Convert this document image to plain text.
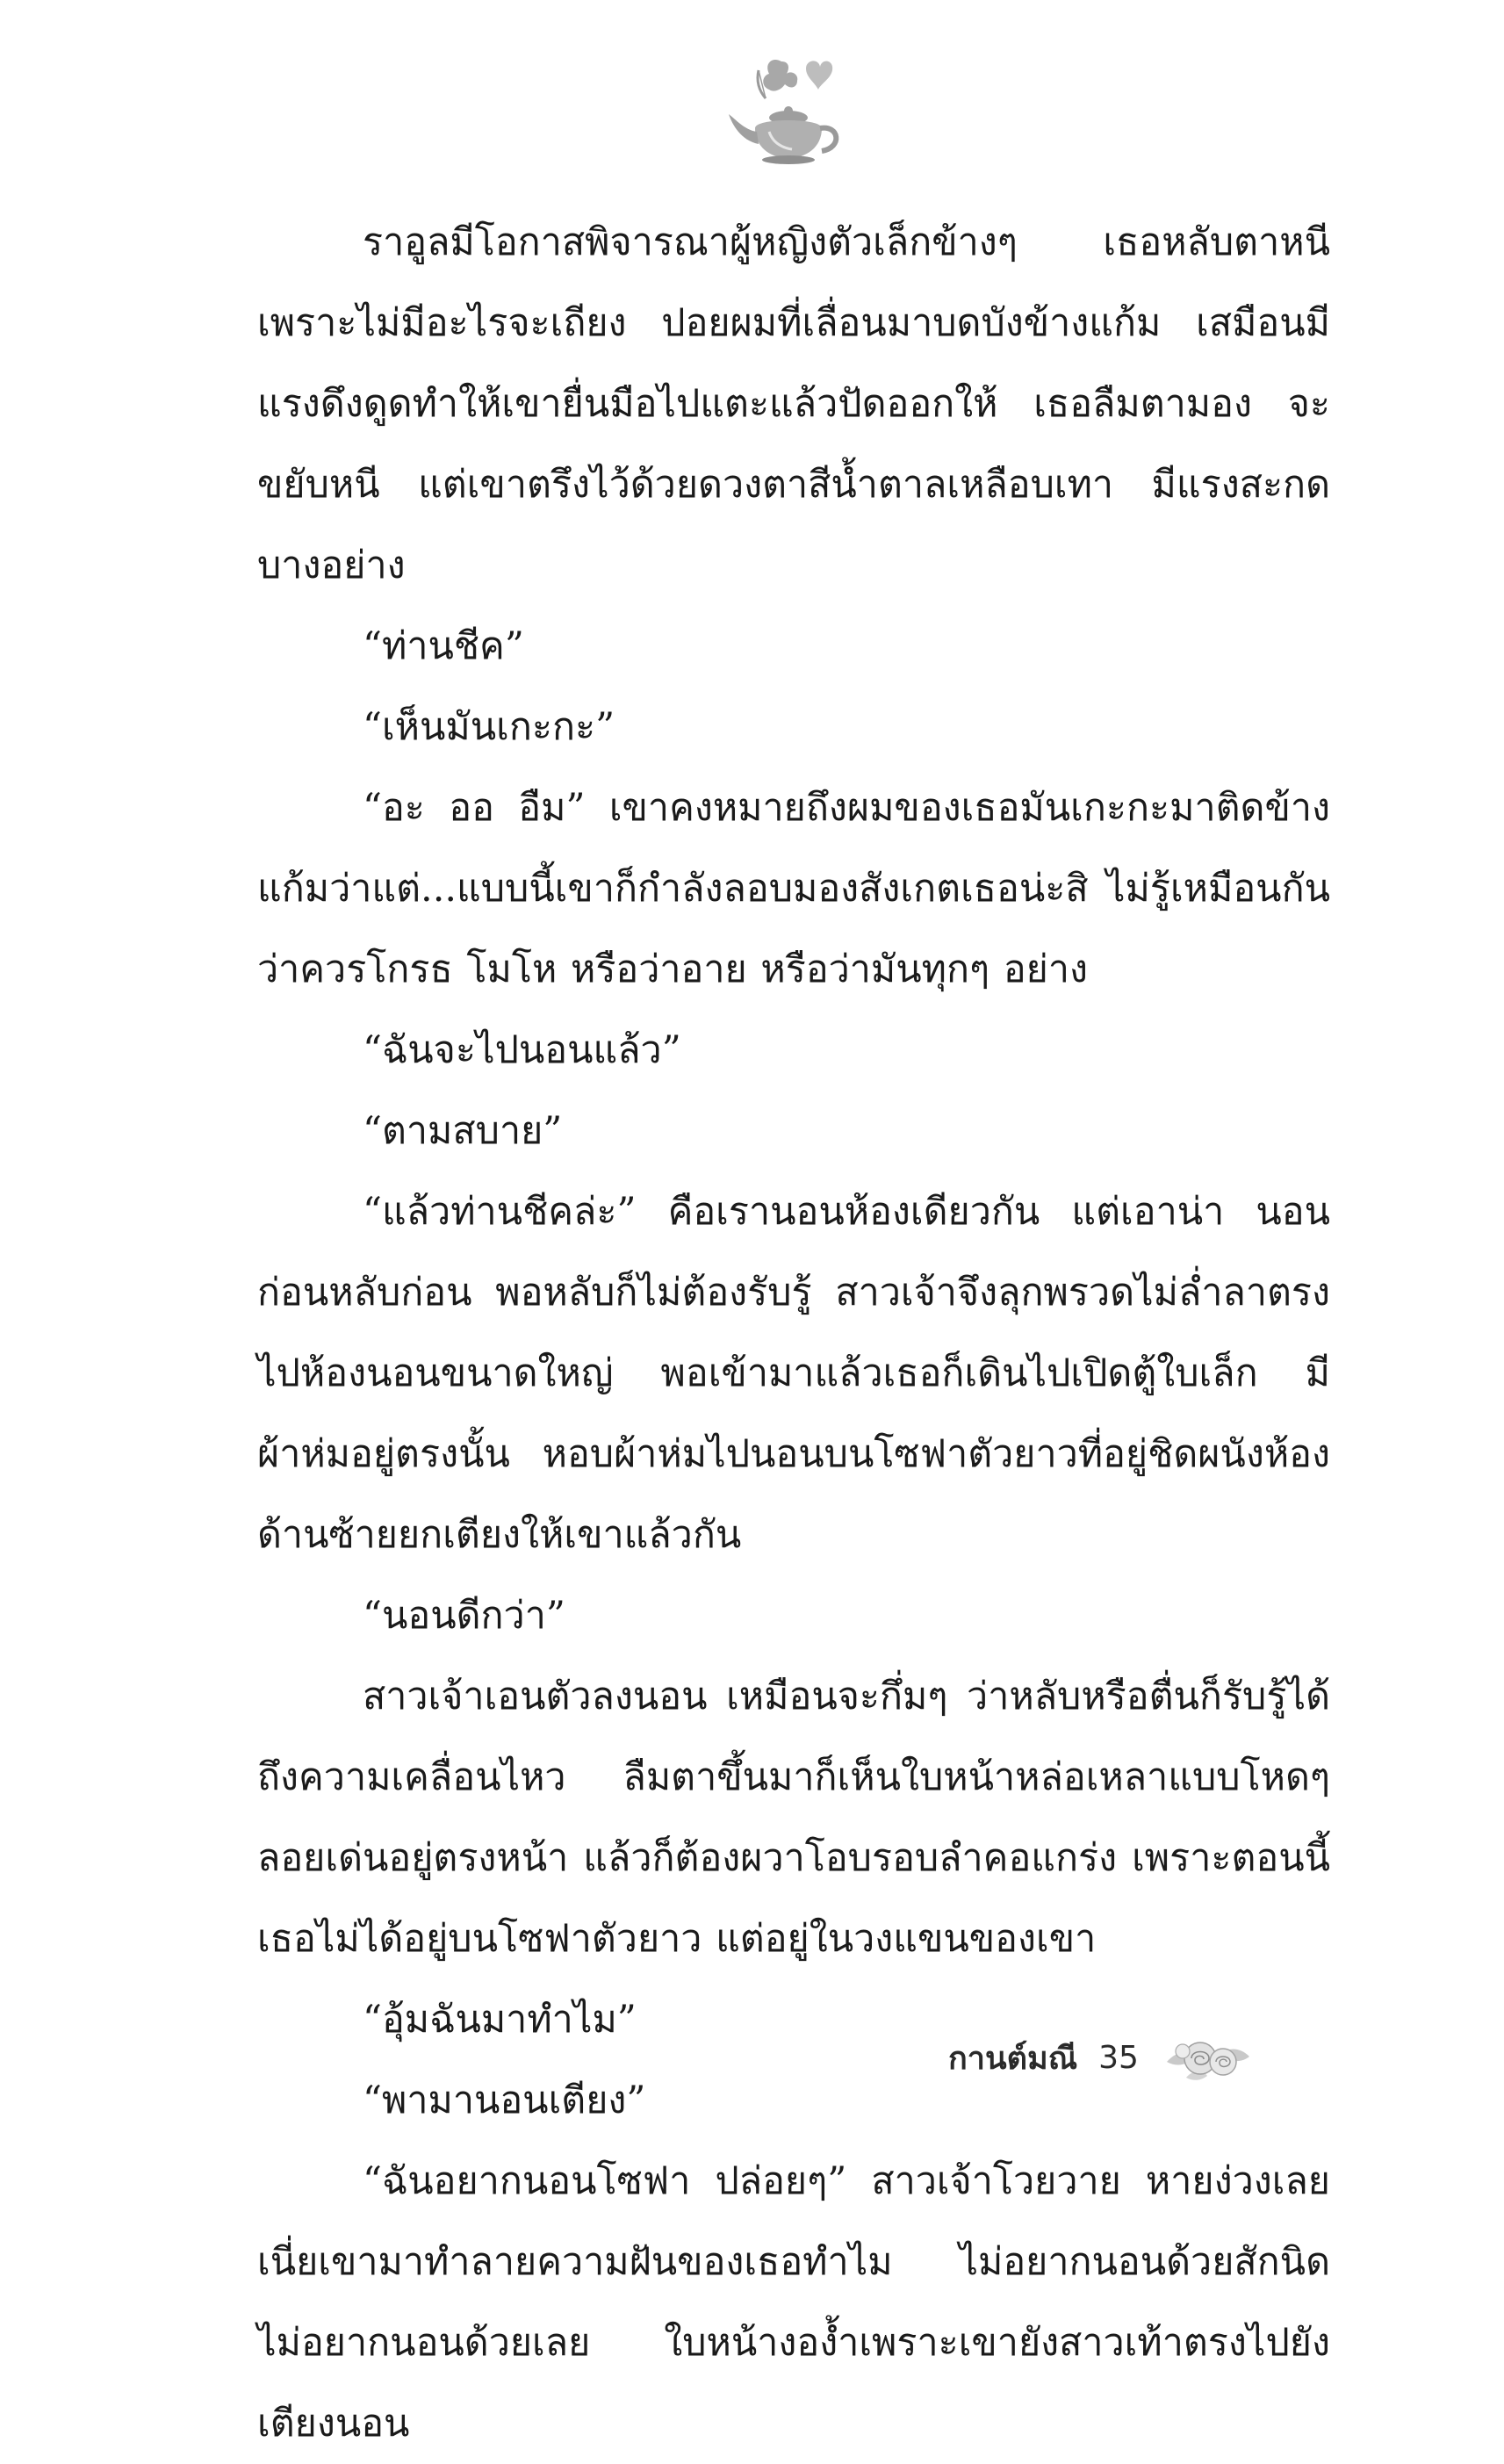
ราอูลมีโอกาสพิจารณาผู้หญิงตัวเล็กข้างๆ เธอหลับตาหนีเพราะไม่มีอะไรจะเถียง ปอยผมที่เลื่อนมาบดบังข้างแก้ม เสมือนมีแรงดึงดูดทำให้เขายื่นมือไปแตะแล้วปัดออกให้ เธอลืมตามอง จะขยับหนี แต่เขาตรึงไว้ด้วยดวงตาสีน้ำตาลเหลือบเทา มีแรงสะกดบางอย่าง

“ท่านชีค”

“เห็นมันเกะกะ”

“อะ ออ อืม” เขาคงหมายถึงผมของเธอมันเกะกะมาติดข้างแก้มว่าแต่...แบบนี้เขาก็กำลังลอบมองสังเกตเธอน่ะสิ ไม่รู้เหมือนกันว่าควรโกรธ โมโห หรือว่าอาย หรือว่ามันทุกๆ อย่าง

“ฉันจะไปนอนแล้ว”

“ตามสบาย”

“แล้วท่านชีคล่ะ” คือเรานอนห้องเดียวกัน แต่เอาน่า นอนก่อนหลับก่อน พอหลับก็ไม่ต้องรับรู้ สาวเจ้าจึงลุกพรวดไม่ล่ำลาตรงไปห้องนอนขนาดใหญ่ พอเข้ามาแล้วเธอก็เดินไปเปิดตู้ใบเล็ก มีผ้าห่มอยู่ตรงนั้น หอบผ้าห่มไปนอนบนโซฟาตัวยาวที่อยู่ชิดผนังห้องด้านซ้ายยกเตียงให้เขาแล้วกัน

“นอนดีกว่า”

สาวเจ้าเอนตัวลงนอน เหมือนจะกึ่มๆ ว่าหลับหรือตื่นก็รับรู้ได้ถึงความเคลื่อนไหว ลืมตาขึ้นมาก็เห็นใบหน้าหล่อเหลาแบบโหดๆ ลอยเด่นอยู่ตรงหน้า แล้วก็ต้องผวาโอบรอบลำคอแกร่ง เพราะตอนนี้เธอไม่ได้อยู่บนโซฟาตัวยาว แต่อยู่ในวงแขนของเขา

“อุ้มฉันมาทำไม”

“พามานอนเตียง”

“ฉันอยากนอนโซฟา ปล่อยๆ” สาวเจ้าโวยวาย หายง่วงเลยเนี่ยเขามาทำลายความฝันของเธอทำไม ไม่อยากนอนด้วยสักนิด ไม่อยากนอนด้วยเลย ใบหน้างอง้ำเพราะเขายังสาวเท้าตรงไปยังเตียงนอน

กานต์มณี 35
